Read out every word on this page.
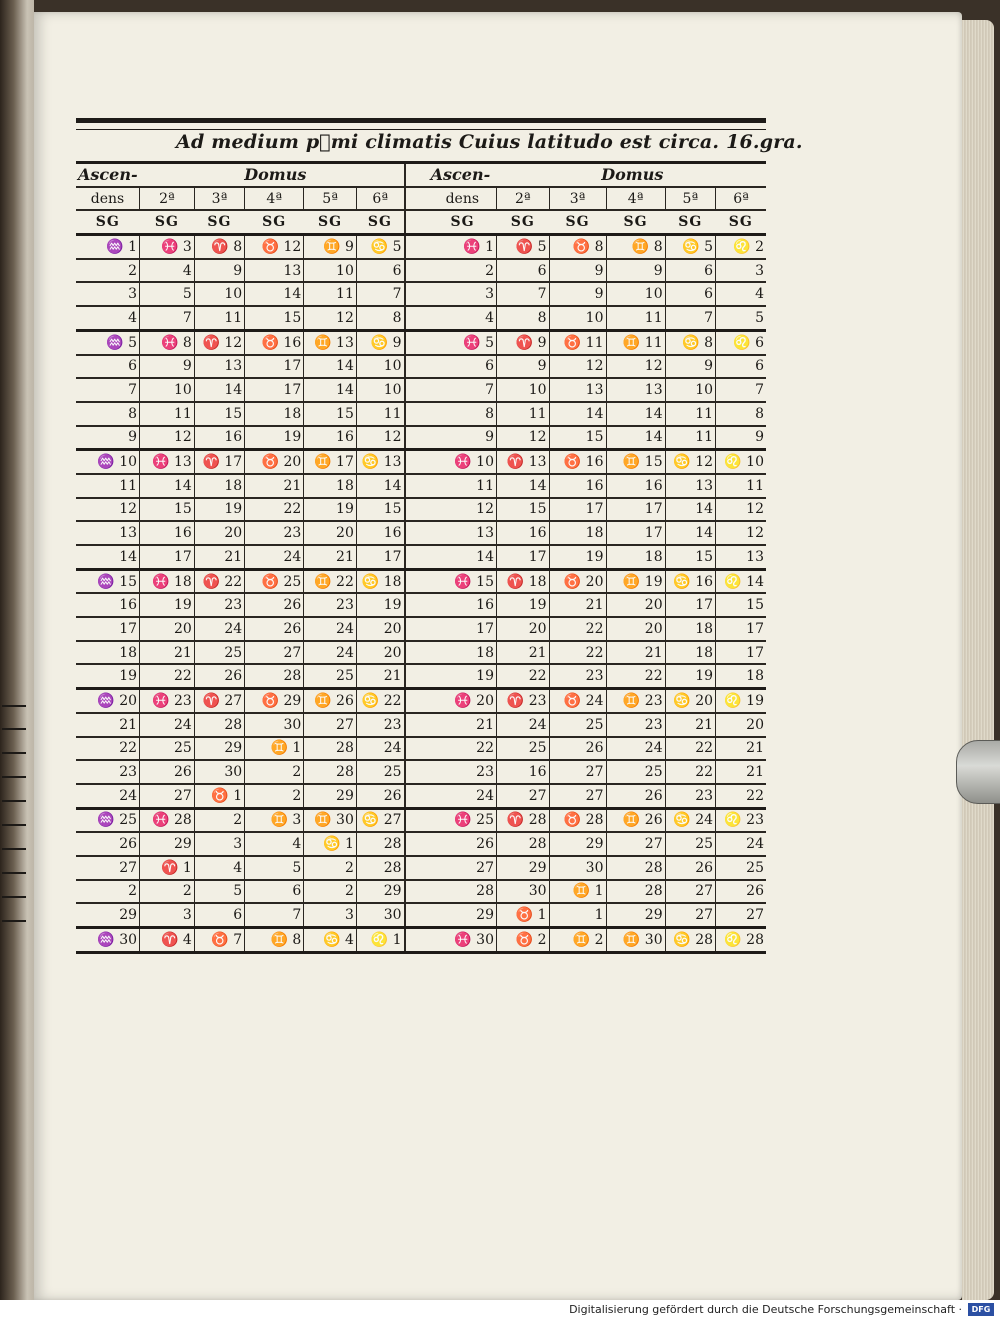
Ad medium p᷑mi climatis Cuius latitudo est circa. 16.gra.
Ascen-		Domus					Ascen-		Domus			
dens	2ª	3ª	4ª	5ª	6ª		dens	2ª	3ª	4ª	5ª	6ª
SG	SG	SG	SG	SG	SG		SG	SG	SG	SG	SG	SG
♒ 1	♓ 3	♈ 8	♉ 12	♊ 9	♋ 5		♓ 1	♈ 5	♉ 8	♊ 8	♋ 5	♌ 2
2	4	9	13	10	6		2	6	9	9	6	3
3	5	10	14	11	7		3	7	9	10	6	4
4	7	11	15	12	8		4	8	10	11	7	5
♒ 5	♓ 8	♈ 12	♉ 16	♊ 13	♋ 9		♓ 5	♈ 9	♉ 11	♊ 11	♋ 8	♌ 6
6	9	13	17	14	10		6	9	12	12	9	6
7	10	14	17	14	10		7	10	13	13	10	7
8	11	15	18	15	11		8	11	14	14	11	8
9	12	16	19	16	12		9	12	15	14	11	9
♒ 10	♓ 13	♈ 17	♉ 20	♊ 17	♋ 13		♓ 10	♈ 13	♉ 16	♊ 15	♋ 12	♌ 10
11	14	18	21	18	14		11	14	16	16	13	11
12	15	19	22	19	15		12	15	17	17	14	12
13	16	20	23	20	16		13	16	18	17	14	12
14	17	21	24	21	17		14	17	19	18	15	13
♒ 15	♓ 18	♈ 22	♉ 25	♊ 22	♋ 18		♓ 15	♈ 18	♉ 20	♊ 19	♋ 16	♌ 14
16	19	23	26	23	19		16	19	21	20	17	15
17	20	24	26	24	20		17	20	22	20	18	17
18	21	25	27	24	20		18	21	22	21	18	17
19	22	26	28	25	21		19	22	23	22	19	18
♒ 20	♓ 23	♈ 27	♉ 29	♊ 26	♋ 22		♓ 20	♈ 23	♉ 24	♊ 23	♋ 20	♌ 19
21	24	28	30	27	23		21	24	25	23	21	20
22	25	29	♊ 1	28	24		22	25	26	24	22	21
23	26	30	2	28	25		23	16	27	25	22	21
24	27	♉ 1	2	29	26		24	27	27	26	23	22
♒ 25	♓ 28	2	♊ 3	♊ 30	♋ 27		♓ 25	♈ 28	♉ 28	♊ 26	♋ 24	♌ 23
26	29	3	4	♋ 1	28		26	28	29	27	25	24
27	♈ 1	4	5	2	28		27	29	30	28	26	25
2	2	5	6	2	29		28	30	♊ 1	28	27	26
29	3	6	7	3	30		29	♉ 1	1	29	27	27
♒ 30	♈ 4	♉ 7	♊ 8	♋ 4	♌ 1		♓ 30	♉ 2	♊ 2	♊ 30	♋ 28	♌ 28
Digitalisierung gefördert durch die Deutsche Forschungsgemeinschaft ·	DFG
